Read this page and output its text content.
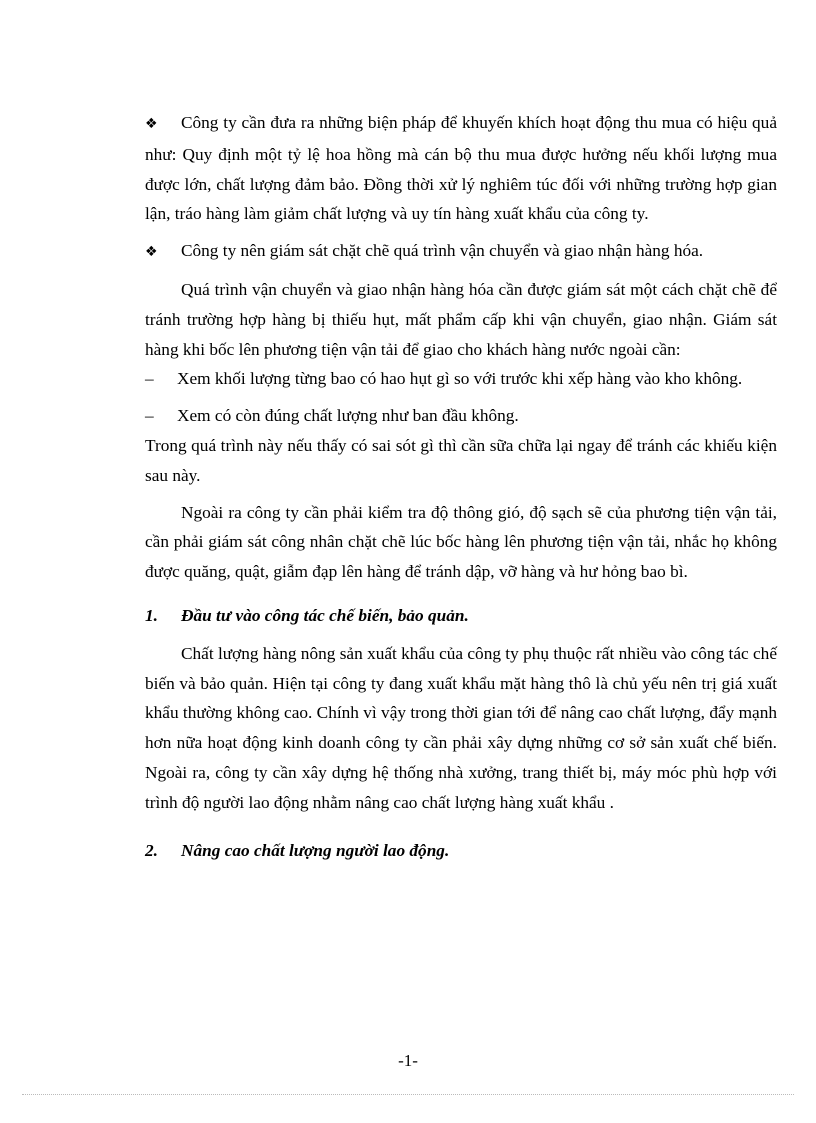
❖ Công ty cần đưa ra những biện pháp để khuyến khích hoạt động thu mua có hiệu quả như: Quy định một tỷ lệ hoa hồng mà cán bộ thu mua được hưởng nếu khối lượng mua được lớn, chất lượng đảm bảo. Đồng thời xử lý nghiêm túc đối với những trường hợp gian lận, tráo hàng làm giảm chất lượng và uy tín hàng xuất khẩu của công ty.

❖ Công ty nên giám sát chặt chẽ quá trình vận chuyển và giao nhận hàng hóa.

Quá trình vận chuyển và giao nhận hàng hóa cần được giám sát một cách chặt chẽ để tránh trường hợp hàng bị thiếu hụt, mất phẩm cấp khi vận chuyển, giao nhận. Giám sát hàng khi bốc lên phương tiện vận tải để giao cho khách hàng nước ngoài cần:

– Xem khối lượng từng bao có hao hụt gì so với trước khi xếp hàng vào kho không.

– Xem có còn đúng chất lượng như ban đầu không.

Trong quá trình này nếu thấy có sai sót gì thì cần sữa chữa lại ngay để tránh các khiếu kiện sau này.

Ngoài ra công ty cần phải kiểm tra độ thông gió, độ sạch sẽ của phương tiện vận tải, cần phải giám sát công nhân chặt chẽ lúc bốc hàng lên phương tiện vận tải, nhắc họ không được quăng, quật, giẫm đạp lên hàng để tránh dập, vỡ hàng và hư hỏng bao bì.

1. Đầu tư vào công tác chế biến, bảo quản.

Chất lượng hàng nông sản xuất khẩu của công ty phụ thuộc rất nhiều vào công tác chế biến và bảo quản. Hiện tại công ty đang xuất khẩu mặt hàng thô là chủ yếu nên trị giá xuất khẩu thường không cao. Chính vì vậy trong thời gian tới để nâng cao chất lượng, đẩy mạnh hơn nữa hoạt động kinh doanh công ty cần phải xây dựng những cơ sở sản xuất chế biến. Ngoài ra, công ty cần xây dựng hệ thống nhà xưởng, trang thiết bị, máy móc phù hợp với trình độ người lao động nhằm nâng cao chất lượng hàng xuất khẩu .

2. Nâng cao chất lượng người lao động.

-1-
